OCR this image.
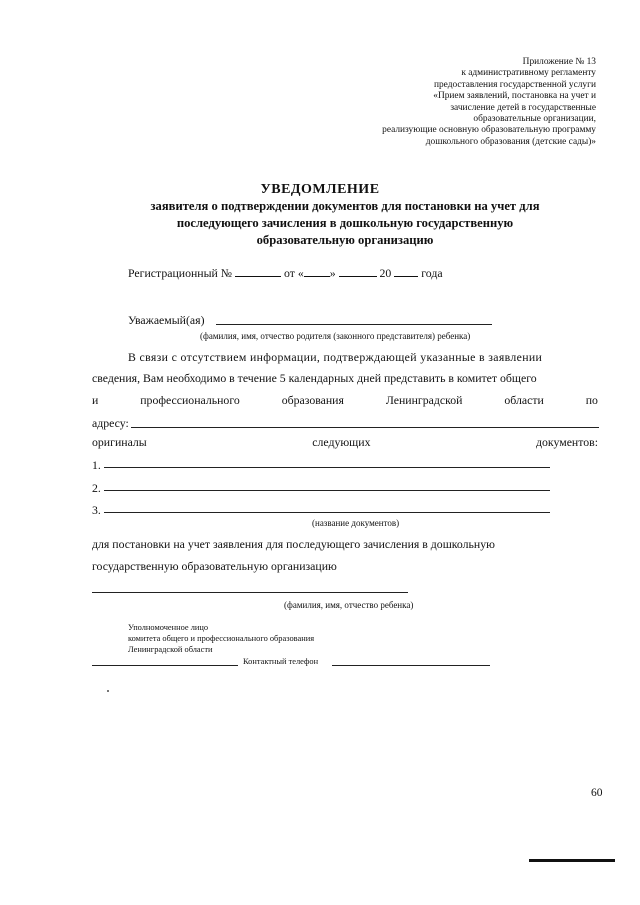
Приложение № 13
к административному регламенту
предоставления государственной услуги
«Прием заявлений, постановка на учет и
зачисление детей в государственные
образовательные организации,
реализующие основную образовательную программу
дошкольного образования (детские сады)»
УВЕДОМЛЕНИЕ
заявителя о подтверждении документов для постановки на учет для
последующего зачисления в дошкольную государственную
образовательную организацию
Регистрационный №	от « »	20	года
Уважаемый(ая)
(фамилия, имя, отчество родителя (законного представителя) ребенка)
В связи с отсутствием информации, подтверждающей указанные в заявлении
сведения, Вам необходимо в течение 5 календарных дней представить в комитет общего
и	профессионального	образования	Ленинградской	области	по
адресу:
оригиналы	следующих	документов:
1.
2.
3.
(название документов)
для постановки на учет заявления для последующего зачисления в дошкольную
государственную образовательную организацию
(фамилия, имя, отчество ребенка)
Уполномоченное лицо
комитета общего и профессионального образования
Ленинградской области
Контактный телефон
60
